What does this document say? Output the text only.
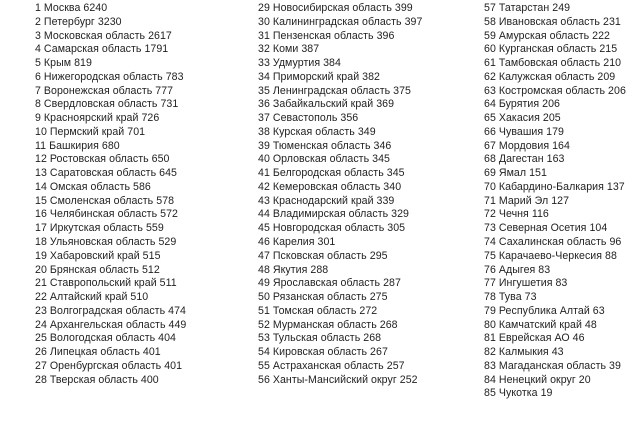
1 Москва 6240
2 Петербург 3230
3 Московская область 2617
4 Самарская область 1791
5 Крым 819
6 Нижегородская область 783
7 Воронежская область 777
8 Свердловская область 731
9 Красноярский край 726
10 Пермский край 701
11 Башкирия 680
12 Ростовская область 650
13 Саратовская область 645
14 Омская область 586
15 Смоленская область 578
16 Челябинская область 572
17 Иркутская область 559
18 Ульяновская область 529
19 Хабаровский край 515
20 Брянская область 512
21 Ставропольский край 511
22 Алтайский край 510
23 Волгоградская область 474
24 Архангельская область 449
25 Вологодская область 404
26 Липецкая область 401
27 Оренбургская область 401
28 Тверская область 400
29 Новосибирская область 399
30 Калининградская область 397
31 Пензенская область 396
32 Коми 387
33 Удмуртия 384
34 Приморский край 382
35 Ленинградская область 375
36 Забайкальский край 369
37 Севастополь 356
38 Курская область 349
39 Тюменская область 346
40 Орловская область 345
41 Белгородская область 345
42 Кемеровская область 340
43 Краснодарский край 339
44 Владимирская область 329
45 Новгородская область 305
46 Карелия 301
47 Псковская область 295
48 Якутия 288
49 Ярославская область 287
50 Рязанская область 275
51 Томская область 272
52 Мурманская область 268
53 Тульская область 268
54 Кировская область 267
55 Астраханская область 257
56 Ханты-Мансийский округ 252
57 Татарстан 249
58 Ивановская область 231
59 Амурская область 222
60 Курганская область 215
61 Тамбовская область 210
62 Калужская область 209
63 Костромская область 206
64 Бурятия 206
65 Хакасия 205
66 Чувашия 179
67 Мордовия 164
68 Дагестан 163
69 Ямал 151
70 Кабардино-Балкария 137
71 Марий Эл 127
72 Чечня 116
73 Северная Осетия 104
74 Сахалинская область 96
75 Карачаево-Черкесия 88
76 Адыгея 83
77 Ингушетия 83
78 Тува 73
79 Республика Алтай 63
80 Камчатский край 48
81 Еврейская АО 46
82 Калмыкия 43
83 Магаданская область 39
84 Ненецкий округ 20
85 Чукотка 19
